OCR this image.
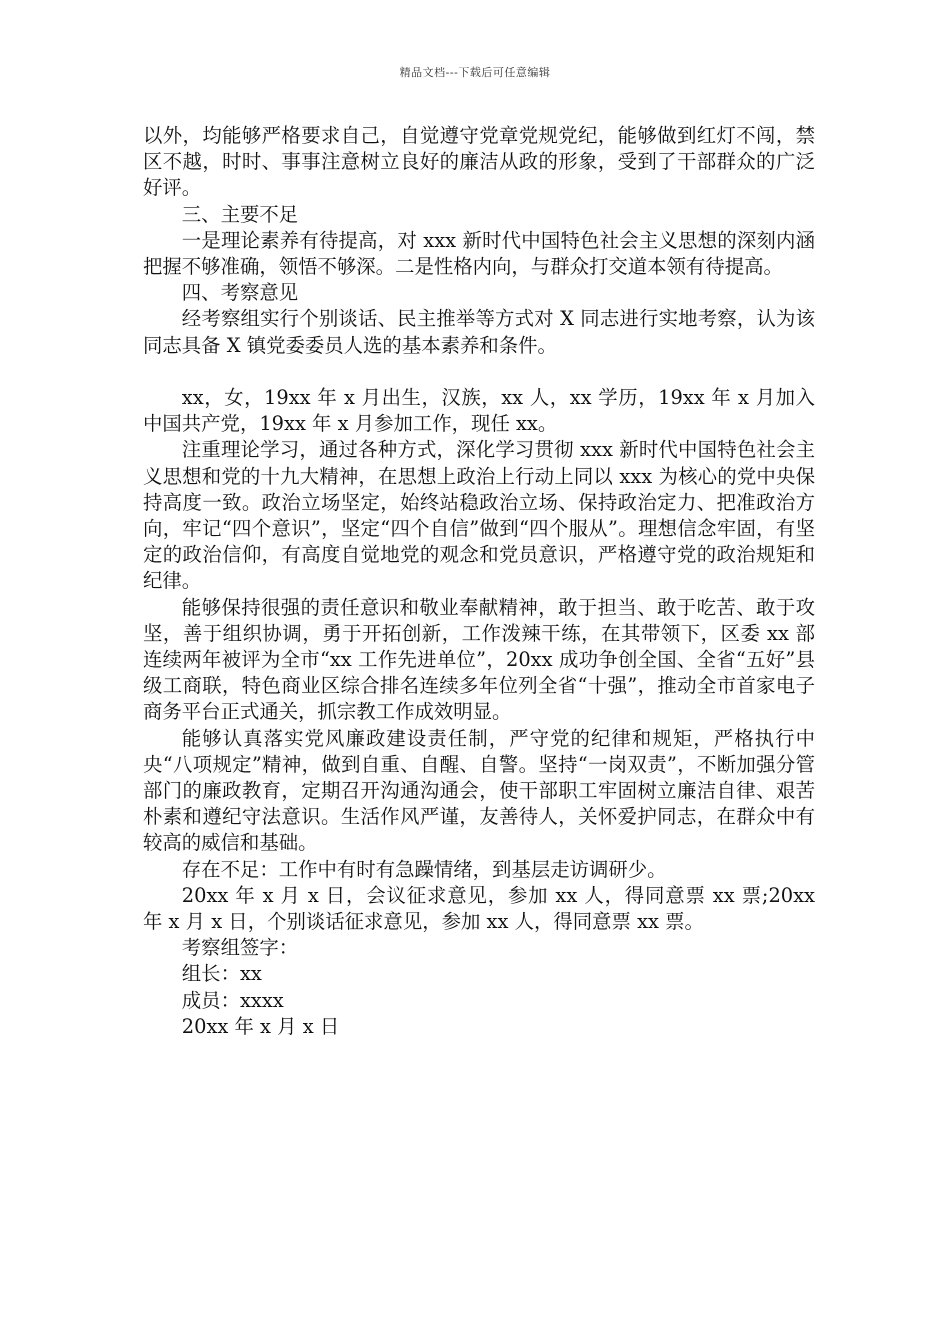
精品文档---下载后可任意编辑

以外，均能够严格要求自己，自觉遵守党章党规党纪，能够做到红灯不闯，禁区不越，时时、事事注意树立良好的廉洁从政的形象，受到了干部群众的广泛好评。

三、主要不足

一是理论素养有待提高，对 xxx 新时代中国特色社会主义思想的深刻内涵把握不够准确，领悟不够深。二是性格内向，与群众打交道本领有待提高。

四、考察意见

经考察组实行个别谈话、民主推举等方式对 X 同志进行实地考察，认为该同志具备 X 镇党委委员人选的基本素养和条件。

xx，女，19xx 年 x 月出生，汉族，xx 人，xx 学历，19xx 年 x 月加入中国共产党，19xx 年 x 月参加工作，现任 xx。

注重理论学习，通过各种方式，深化学习贯彻 xxx 新时代中国特色社会主义思想和党的十九大精神，在思想上政治上行动上同以 xxx 为核心的党中央保持高度一致。政治立场坚定，始终站稳政治立场、保持政治定力、把准政治方向，牢记“四个意识”，坚定“四个自信”做到“四个服从”。理想信念牢固，有坚定的政治信仰，有高度自觉地党的观念和党员意识，严格遵守党的政治规矩和纪律。

能够保持很强的责任意识和敬业奉献精神，敢于担当、敢于吃苦、敢于攻坚，善于组织协调，勇于开拓创新，工作泼辣干练，在其带领下，区委 xx 部连续两年被评为全市“xx 工作先进单位”，20xx 成功争创全国、全省“五好”县级工商联，特色商业区综合排名连续多年位列全省“十强”，推动全市首家电子商务平台正式通关，抓宗教工作成效明显。

能够认真落实党风廉政建设责任制，严守党的纪律和规矩，严格执行中央“八项规定”精神，做到自重、自醒、自警。坚持“一岗双责”，不断加强分管部门的廉政教育，定期召开沟通沟通会，使干部职工牢固树立廉洁自律、艰苦朴素和遵纪守法意识。生活作风严谨，友善待人，关怀爱护同志，在群众中有较高的威信和基础。

存在不足：工作中有时有急躁情绪，到基层走访调研少。

20xx 年 x 月 x 日，会议征求意见，参加 xx 人，得同意票 xx 票;20xx 年 x 月 x 日，个别谈话征求意见，参加 xx 人，得同意票 xx 票。

考察组签字：

组长：xx

成员：xxxx

20xx 年 x 月 x 日
